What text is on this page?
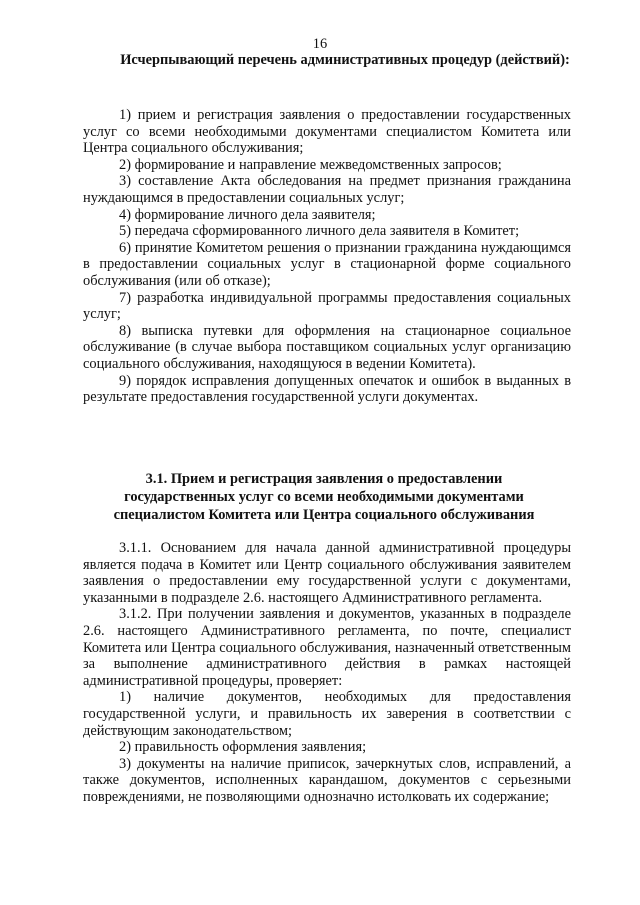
16
Исчерпывающий перечень административных процедур (действий):

1) прием и регистрация заявления о предоставлении государственных услуг со всеми необходимыми документами специалистом Комитета или Центра социального обслуживания;

2) формирование и направление межведомственных запросов;

3) составление Акта обследования на предмет признания гражданина нуждающимся в предоставлении социальных услуг;

4) формирование личного дела заявителя;

5) передача сформированного личного дела заявителя в Комитет;

6) принятие Комитетом решения о признании гражданина нуждающимся в предоставлении социальных услуг в стационарной форме социального обслуживания (или об отказе);

7) разработка индивидуальной программы предоставления социальных услуг;

8) выписка путевки для оформления на стационарное социальное обслуживание (в случае выбора поставщиком социальных услуг организацию социального обслуживания, находящуюся в ведении Комитета).

9) порядок исправления допущенных опечаток и ошибок в выданных в результате предоставления государственной услуги документах.

3.1. Прием и регистрация заявления о предоставлении государственных услуг со всеми необходимыми документами специалистом Комитета или Центра социального обслуживания

3.1.1. Основанием для начала данной административной процедуры является подача в Комитет или Центр социального обслуживания заявителем заявления о предоставлении ему государственной услуги с документами, указанными в подразделе 2.6. настоящего Административного регламента.

3.1.2. При получении заявления и документов, указанных в подразделе 2.6. настоящего Административного регламента, по почте, специалист Комитета или Центра социального обслуживания, назначенный ответственным за выполнение административного действия в рамках настоящей административной процедуры, проверяет:

1) наличие документов, необходимых для предоставления государственной услуги, и правильность их заверения в соответствии с действующим законодательством;

2) правильность оформления заявления;

3) документы на наличие приписок, зачеркнутых слов, исправлений, а также документов, исполненных карандашом, документов с серьезными повреждениями, не позволяющими однозначно истолковать их содержание;
